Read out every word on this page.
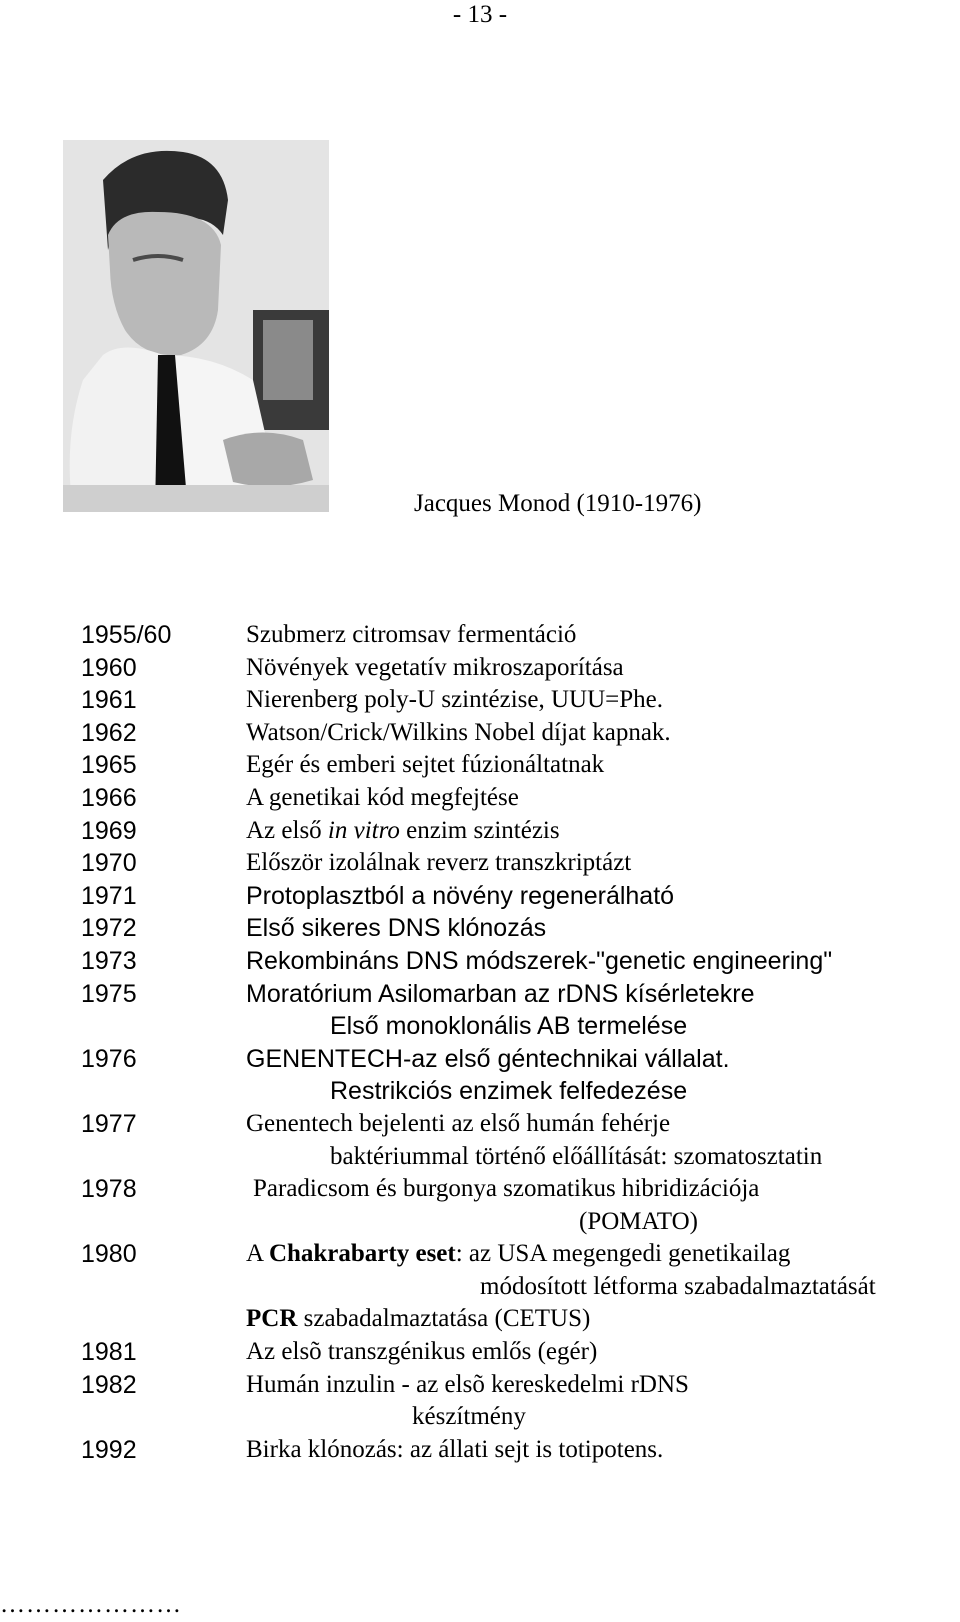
- 13 -
Jacques Monod (1910-1976)
1955/60	Szubmerz citromsav fermentáció
1960	Növények vegetatív mikroszaporítása
1961	Nierenberg poly-U szintézise, UUU=Phe.
1962	Watson/Crick/Wilkins Nobel díjat kapnak.
1965	Egér és emberi sejtet fúzionáltatnak
1966	A genetikai kód megfejtése
1969	Az első in vitro enzim szintézis
1970	Először izolálnak reverz transzkriptázt
1971	Protoplasztból a növény regenerálható
1972	Első sikeres DNS klónozás
1973	Rekombináns DNS módszerek-"genetic engineering"
1975	Moratórium Asilomarban az rDNS kísérletekre
Első monoklonális AB termelése
1976	GENENTECH-az első géntechnikai vállalat.
Restrikciós enzimek felfedezése
1977	Genentech bejelenti az első humán fehérje
baktériummal történő előállítását: szomatosztatin
1978	Paradicsom és burgonya szomatikus hibridizációja
(POMATO)
1980	A Chakrabarty eset: az USA megengedi genetikailag
módosított létforma szabadalmaztatását
PCR szabadalmaztatása (CETUS)
1981	Az elsõ transzgénikus emlős (egér)
1982	Humán inzulin - az elsõ kereskedelmi rDNS
készítmény
1992	Birka klónozás: az állati sejt is totipotens.
…………………
